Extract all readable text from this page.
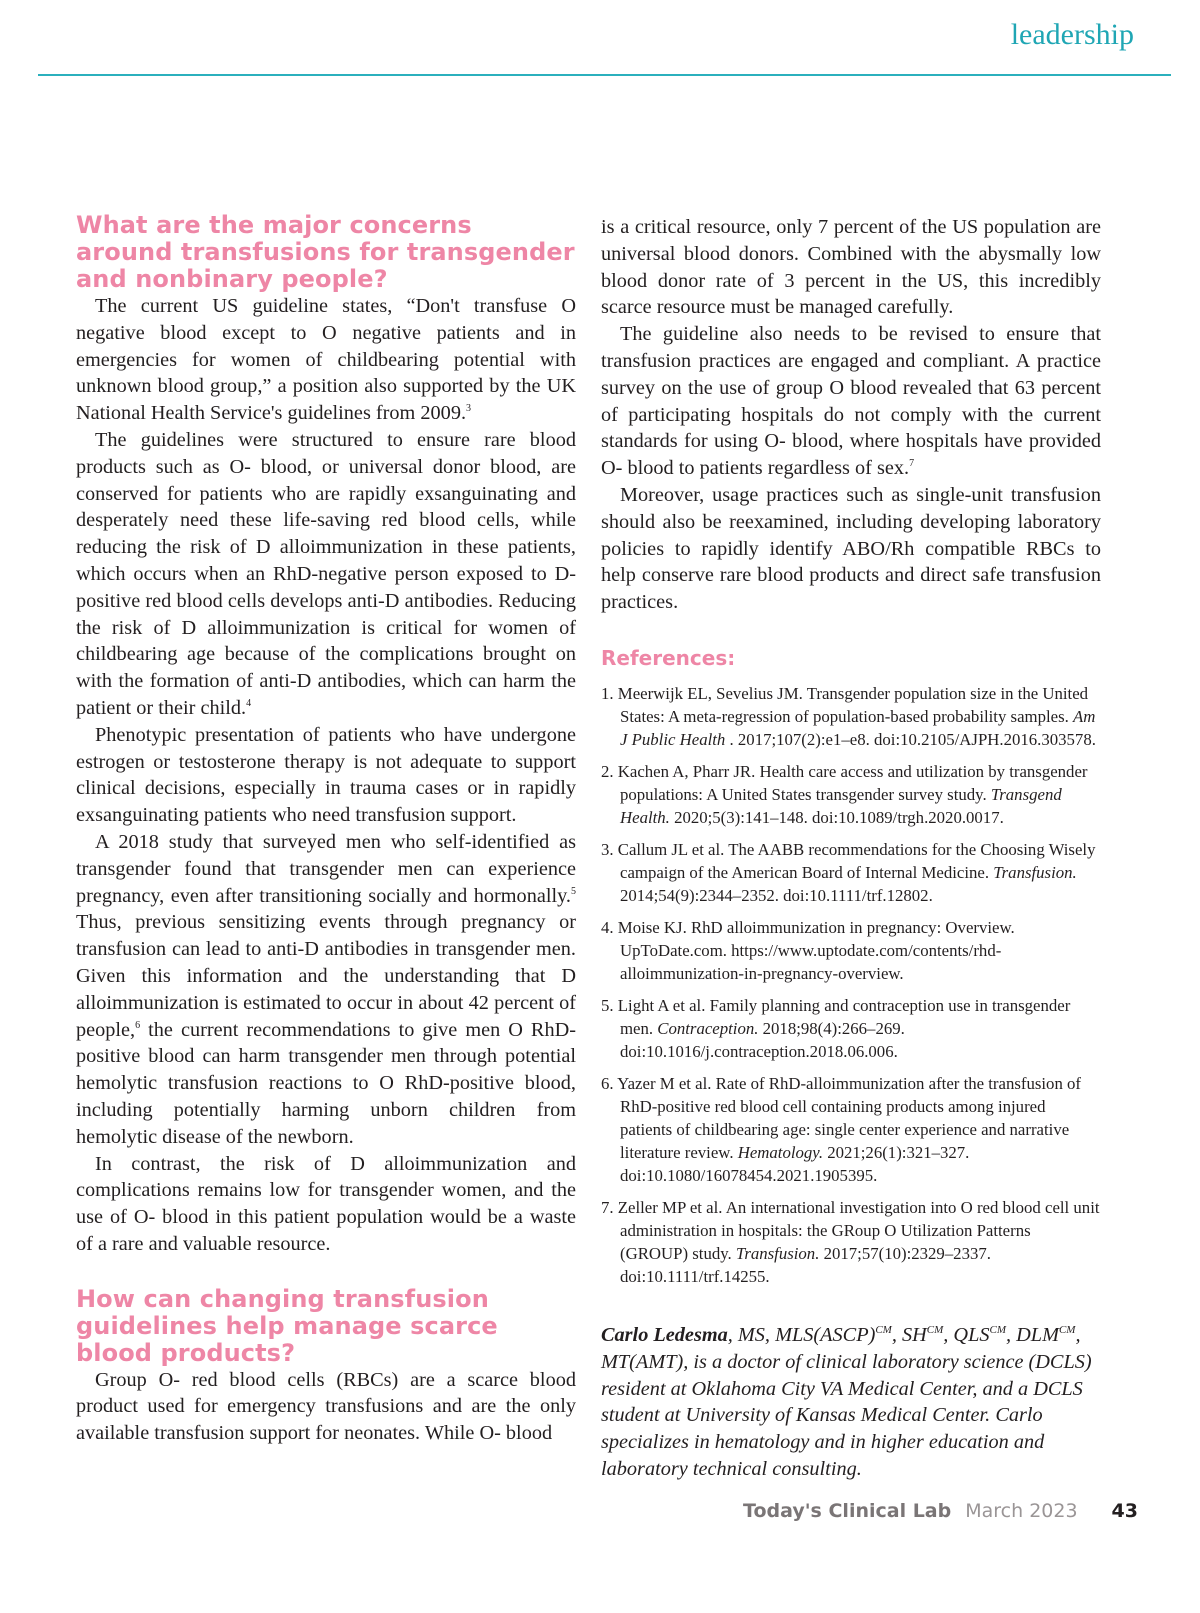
leadership
What are the major concerns around transfusions for transgender and nonbinary people?

The current US guideline states, “Don't transfuse O negative blood except to O negative patients and in emergencies for women of childbearing potential with unknown blood group,” a position also supported by the UK National Health Service's guidelines from 2009.$^3$

The guidelines were structured to ensure rare blood products such as O- blood, or universal donor blood, are conserved for patients who are rapidly exsanguinating and desperately need these life-saving red blood cells, while reducing the risk of D alloimmunization in these patients, which occurs when an RhD-negative person exposed to D-positive red blood cells develops anti-D antibodies. Reducing the risk of D alloimmunization is critical for women of childbearing age because of the complications brought on with the formation of anti-D antibodies, which can harm the patient or their child.$^4$

Phenotypic presentation of patients who have undergone estrogen or testosterone therapy is not adequate to support clinical decisions, especially in trauma cases or in rapidly exsanguinating patients who need transfusion support.

A 2018 study that surveyed men who self-identified as transgender found that transgender men can experience pregnancy, even after transitioning socially and hormonally.$^5$ Thus, previous sensitizing events through pregnancy or transfusion can lead to anti-D antibodies in transgender men. Given this information and the understanding that D alloimmunization is estimated to occur in about 42 percent of people,$^6$ the current recommendations to give men O RhD-positive blood can harm transgender men through potential hemolytic transfusion reactions to O RhD-positive blood, including potentially harming unborn children from hemolytic disease of the newborn.

In contrast, the risk of D alloimmunization and complications remains low for transgender women, and the use of O- blood in this patient population would be a waste of a rare and valuable resource.

How can changing transfusion guidelines help manage scarce blood products?

Group O- red blood cells (RBCs) are a scarce blood product used for emergency transfusions and are the only available transfusion support for neonates. While O- blood

is a critical resource, only 7 percent of the US population are universal blood donors. Combined with the abysmally low blood donor rate of 3 percent in the US, this incredibly scarce resource must be managed carefully.

The guideline also needs to be revised to ensure that transfusion practices are engaged and compliant. A practice survey on the use of group O blood revealed that 63 percent of participating hospitals do not comply with the current standards for using O- blood, where hospitals have provided O- blood to patients regardless of sex.$^7$

Moreover, usage practices such as single-unit transfusion should also be reexamined, including developing laboratory policies to rapidly identify ABO/Rh compatible RBCs to help conserve rare blood products and direct safe transfusion practices.

References:
1. Meerwijk EL, Sevelius JM. Transgender population size in the United States: A meta-regression of population-based probability samples. Am J Public Health . 2017;107(2):e1–e8. doi:10.2105/AJPH.2016.303578.
2. Kachen A, Pharr JR. Health care access and utilization by transgender populations: A United States transgender survey study. Transgend Health. 2020;5(3):141–148. doi:10.1089/trgh.2020.0017.
3. Callum JL et al. The AABB recommendations for the Choosing Wisely campaign of the American Board of Internal Medicine. Transfusion. 2014;54(9):2344–2352. doi:10.1111/trf.12802.
4. Moise KJ. RhD alloimmunization in pregnancy: Overview. UpToDate.com. https://www.uptodate.com/contents/rhd-alloimmunization-in-pregnancy-overview.
5. Light A et al. Family planning and contraception use in transgender men. Contraception. 2018;98(4):266–269. doi:10.1016/j.contraception.2018.06.006.
6. Yazer M et al. Rate of RhD-alloimmunization after the transfusion of RhD-positive red blood cell containing products among injured patients of childbearing age: single center experience and narrative literature review. Hematology. 2021;26(1):321–327. doi:10.1080/16078454.2021.1905395.
7. Zeller MP et al. An international investigation into O red blood cell unit administration in hospitals: the GRoup O Utilization Patterns (GROUP) study. Transfusion. 2017;57(10):2329–2337. doi:10.1111/trf.14255.
Carlo Ledesma, MS, MLS(ASCP)$^{CM}$, $SH^{CM}$, $QLS^{CM}$, $DLM^{CM}$, MT(AMT), is a doctor of clinical laboratory science (DCLS) resident at Oklahoma City VA Medical Center, and a DCLS student at University of Kansas Medical Center. Carlo specializes in hematology and in higher education and laboratory technical consulting.
Today's Clinical Lab March 2023 43
